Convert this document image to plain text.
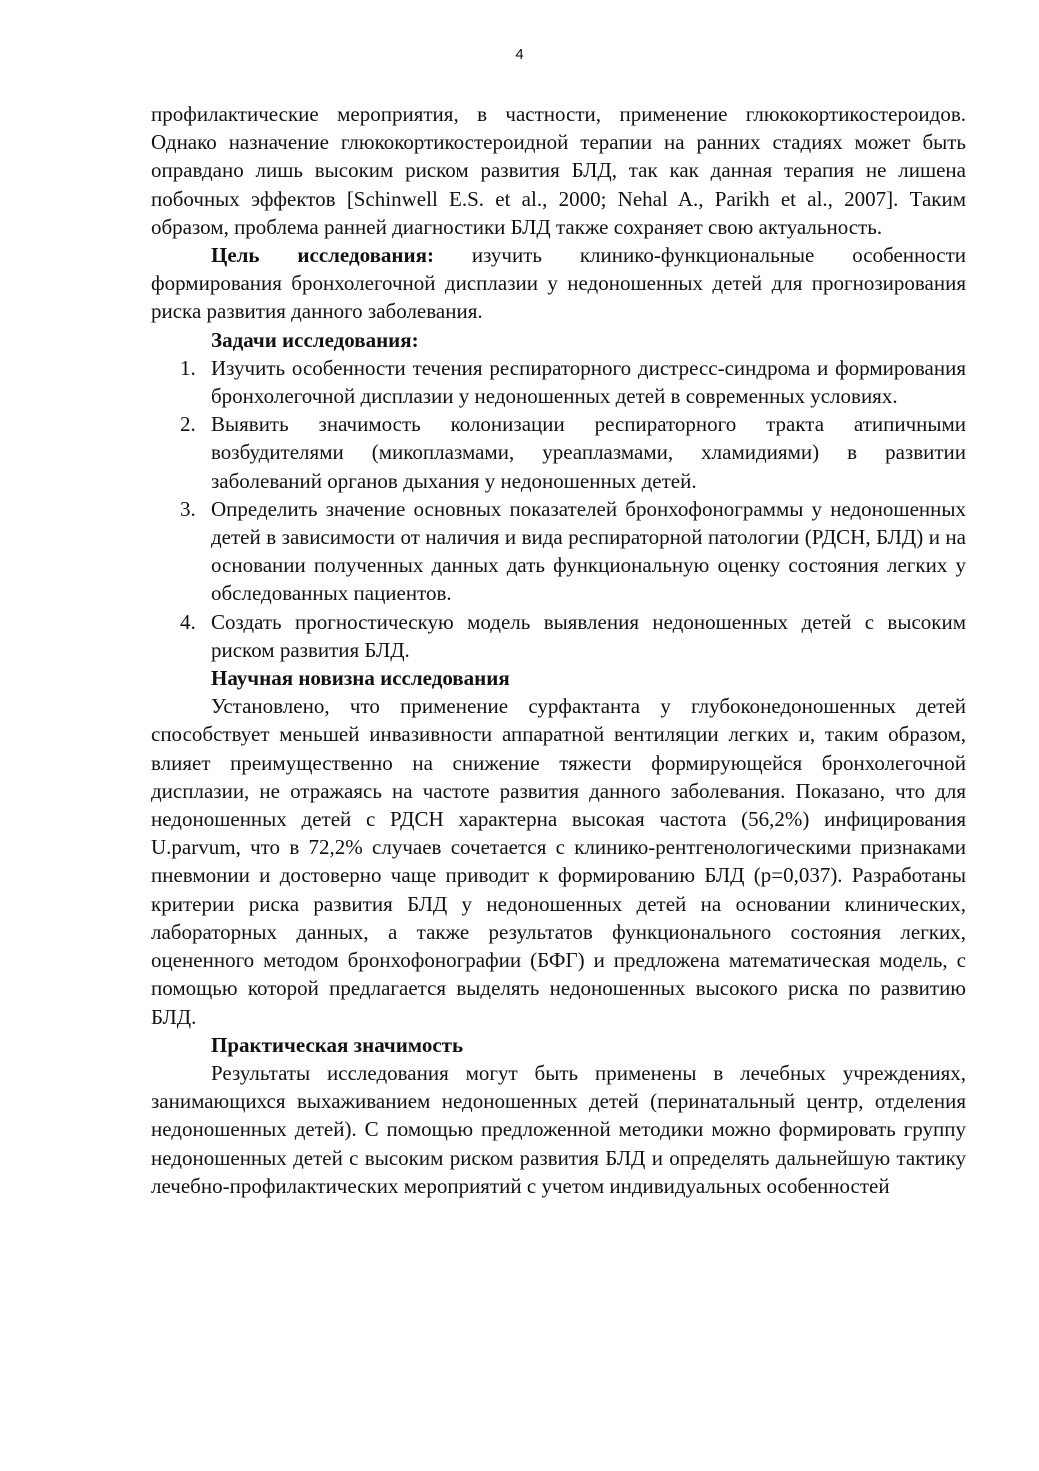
4

профилактические мероприятия, в частности, применение глюкокортикостероидов. Однако назначение глюкокортикостероидной терапии на ранних стадиях может быть оправдано лишь высоким риском развития БЛД, так как данная терапия не лишена побочных эффектов [Schinwell E.S. et al., 2000; Nehal A., Parikh et al., 2007]. Таким образом, проблема ранней диагностики БЛД также сохраняет свою актуальность.

Цель исследования: изучить клинико-функциональные особенности формирования бронхолегочной дисплазии у недоношенных детей для прогнозирования риска развития данного заболевания.

Задачи исследования:
1. Изучить особенности течения респираторного дистресс-синдрома и формирования бронхолегочной дисплазии у недоношенных детей в современных условиях.
2. Выявить значимость колонизации респираторного тракта атипичными возбудителями (микоплазмами, уреаплазмами, хламидиями) в развитии заболеваний органов дыхания у недоношенных детей.
3. Определить значение основных показателей бронхофонограммы у недоношенных детей в зависимости от наличия и вида респираторной патологии (РДСН, БЛД) и на основании полученных данных дать функциональную оценку состояния легких у обследованных пациентов.
4. Создать прогностическую модель выявления недоношенных детей с высоким риском развития БЛД.
Научная новизна исследования

Установлено, что применение сурфактанта у глубоконедоношенных детей способствует меньшей инвазивности аппаратной вентиляции легких и, таким образом, влияет преимущественно на снижение тяжести формирующейся бронхолегочной дисплазии, не отражаясь на частоте развития данного заболевания. Показано, что для недоношенных детей с РДСН характерна высокая частота (56,2%) инфицирования U.parvum, что в 72,2% случаев сочетается с клинико-рентгенологическими признаками пневмонии и достоверно чаще приводит к формированию БЛД (р=0,037). Разработаны критерии риска развития БЛД у недоношенных детей на основании клинических, лабораторных данных, а также результатов функционального состояния легких, оцененного методом бронхофонографии (БФГ) и предложена математическая модель, с помощью которой предлагается выделять недоношенных высокого риска по развитию БЛД.

Практическая значимость

Результаты исследования могут быть применены в лечебных учреждениях, занимающихся выхаживанием недоношенных детей (перинатальный центр, отделения недоношенных детей). С помощью предложенной методики можно формировать группу недоношенных детей с высоким риском развития БЛД и определять дальнейшую тактику лечебно-профилактических мероприятий с учетом индивидуальных особенностей
